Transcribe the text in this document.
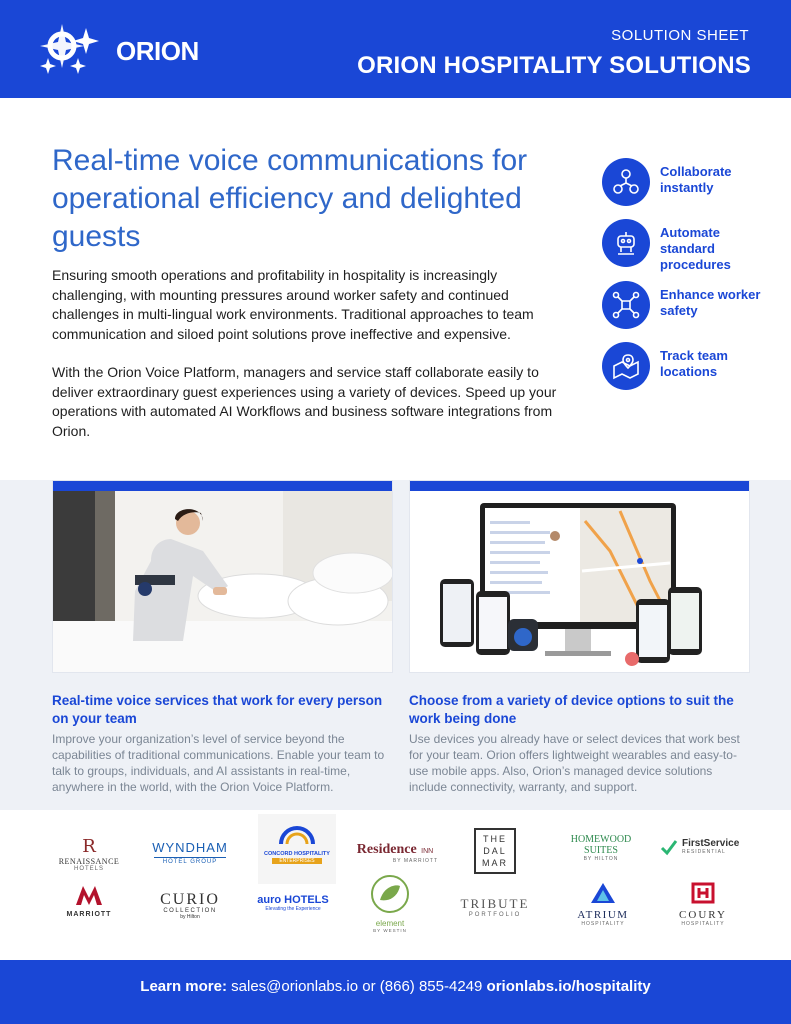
ORION
SOLUTION SHEET
ORION HOSPITALITY SOLUTIONS
Real-time voice communications for operational efficiency and delighted guests

Ensuring smooth operations and profitability in hospitality is increasingly challenging, with mounting pressures around worker safety and continued challenges in multi-lingual work environments. Traditional approaches to team communication and siloed point solutions prove ineffective and expensive.

With the Orion Voice Platform, managers and service staff collaborate easily to deliver extraordinary guest experiences using a variety of devices. Speed up your operations with automated AI Workflows and business software integrations from Orion.

Collaborate instantly
Automate standard procedures
Enhance worker safety
Track team locations
Real-time voice services that work for every person on your team
Choose from a variety of device options to suit the work being done

Improve your organization’s level of service beyond the capabilities of traditional communications. Enable your team to talk to groups, individuals, and AI assistants in real-time, anywhere in the world, with the Orion Voice Platform.

Use devices you already have or select devices that work best for your team. Orion offers lightweight wearables and easy-to-use mobile apps. Also, Orion’s managed device solutions include connectivity, warranty, and support.

R
RENAISSANCE
HOTELS
WYNDHAM
HOTEL GROUP
CONCORD HOSPITALITY
ENTERPRISES
Residence INN
BY MARRIOTT
THE
DAL
MAR
HOMEWOOD
SUITES
BY HILTON
FirstService
RESIDENTIAL
MARRIOTT
CURIO
COLLECTION
by Hilton
auro HOTELS
Elevating the Experience
element
BY WESTIN
TRIBUTE
PORTFOLIO	ATRIUM
HOSPITALITY
COURY
HOSPITALITY
Learn more: sales@orionlabs.io or (866) 855-4249 orionlabs.io/hospitality
